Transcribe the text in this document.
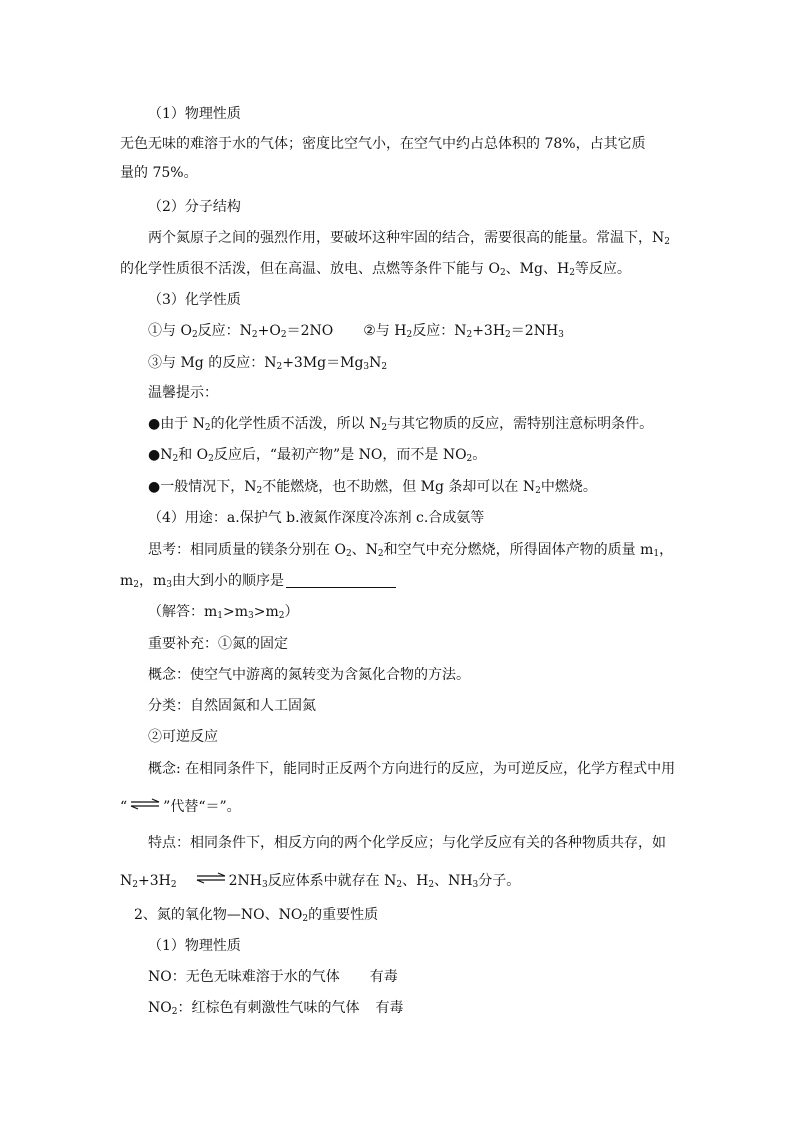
（1）物理性质
无色无味的难溶于水的气体；密度比空气小，在空气中约占总体积的 78%，占其它质
量的 75%。
（2）分子结构
两个氮原子之间的强烈作用，要破坏这种牢固的结合，需要很高的能量。常温下，$N_2$
的化学性质很不活泼，但在高温、放电、点燃等条件下能与 $O_2$、Mg、$H_2$等反应。
（3）化学性质
①与 $O_2$反应：$N_2+O_2=2NO$ ②与 $H_2$反应：$N_2+3H_2=2NH_3$
③与 Mg 的反应：$N_2+3Mg=Mg_3N_2$
温馨提示：
●由于 $N_2$的化学性质不活泼，所以 $N_2$与其它物质的反应，需特别注意标明条件。
$●N_2$和 $O_2$反应后，“最初产物”是 NO，而不是 $NO_2$。
●一般情况下，$N_2$不能燃烧，也不助燃，但 Mg 条却可以在 $N_2$中燃烧。
（4）用途：a.保护气 b.液氮作深度冷冻剂 c.合成氨等
思考：相同质量的镁条分别在 $O_2$、$N_2$和空气中充分燃烧，所得固体产物的质量 $m_1$，
$m_2$，$m_3$由大到小的顺序是
（解答：$m_1>m_3>m_2$）
重要补充：①氮的固定
概念：使空气中游离的氮转变为含氮化合物的方法。
分类：自然固氮和人工固氮
②可逆反应
概念: 在相同条件下，能同时正反两个方向进行的反应，为可逆反应，化学方程式中用
“ ⇌ ”代替“＝”。
特点：相同条件下，相反方向的两个化学反应；与化学反应有关的各种物质共存，如
$N_2+3H_2$ ⇌ $2NH_3$反应体系中就存在 $N_2$、$H_2$、$NH_3$分子。
2、氮的氧化物—NO、$NO_2$的重要性质
（1）物理性质
NO：无色无味难溶于水的气体 有毒
$NO_2$：红棕色有刺激性气味的气体 有毒
